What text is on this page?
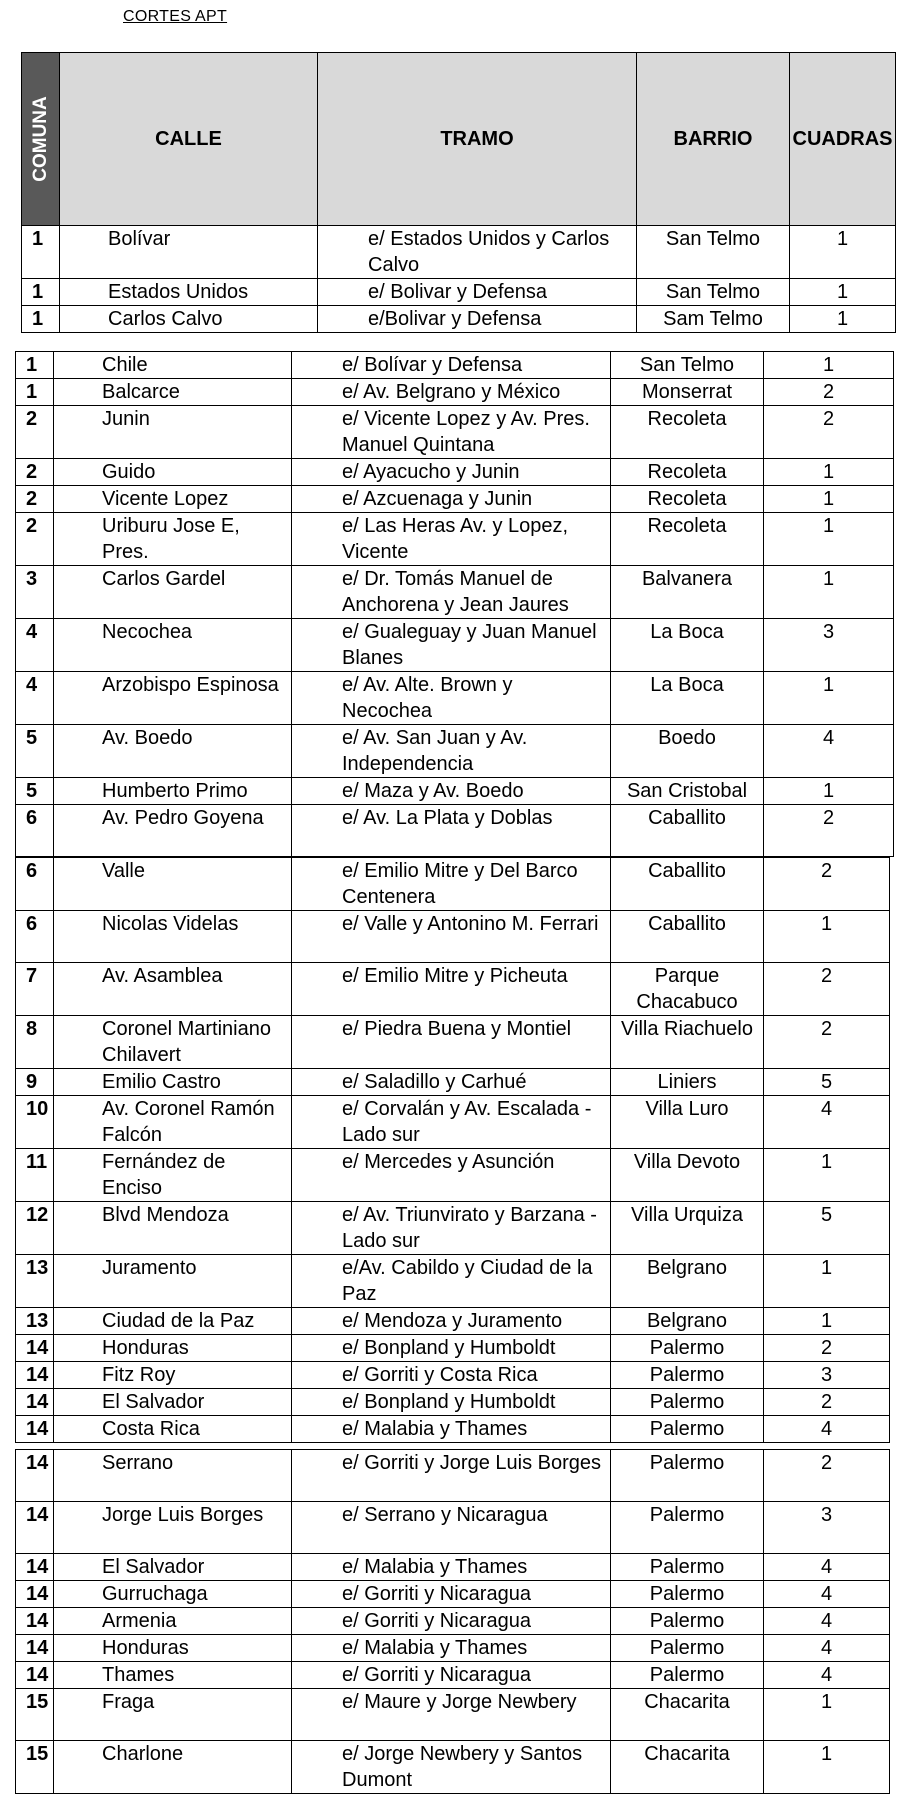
CORTES APT
COMUNA	CALLE	TRAMO	BARRIO	CUADRAS
1	Bolívar	e/ Estados Unidos y Carlos Calvo	San Telmo	1
1	Estados Unidos	e/ Bolivar y Defensa	San Telmo	1
1	Carlos Calvo	e/Bolivar y Defensa	Sam Telmo	1
1	Chile	e/ Bolívar y Defensa	San Telmo	1
1	Balcarce	e/ Av. Belgrano y México	Monserrat	2
2	Junin	e/ Vicente Lopez y Av. Pres. Manuel Quintana	Recoleta	2
2	Guido	e/ Ayacucho y Junin	Recoleta	1
2	Vicente Lopez	e/ Azcuenaga y Junin	Recoleta	1
2	Uriburu Jose E, Pres.	e/ Las Heras Av. y Lopez, Vicente	Recoleta	1
3	Carlos Gardel	e/ Dr. Tomás Manuel de Anchorena y Jean Jaures	Balvanera	1
4	Necochea	e/ Gualeguay y Juan Manuel Blanes	La Boca	3
4	Arzobispo Espinosa	e/ Av. Alte. Brown y Necochea	La Boca	1
5	Av. Boedo	e/ Av. San Juan y Av. Independencia	Boedo	4
5	Humberto Primo	e/ Maza y Av. Boedo	San Cristobal	1
6	Av. Pedro Goyena	e/ Av. La Plata y Doblas	Caballito	2
6	Valle	e/ Emilio Mitre y Del Barco Centenera	Caballito	2
6	Nicolas Videlas	e/ Valle y Antonino M. Ferrari	Caballito	1
7	Av. Asamblea	e/ Emilio Mitre y Picheuta	Parque Chacabuco	2
8	Coronel Martiniano Chilavert	e/ Piedra Buena y Montiel	Villa Riachuelo	2
9	Emilio Castro	e/ Saladillo y Carhué	Liniers	5
10	Av. Coronel Ramón Falcón	e/ Corvalán y Av. Escalada - Lado sur	Villa Luro	4
11	Fernández de Enciso	e/ Mercedes y Asunción	Villa Devoto	1
12	Blvd Mendoza	e/ Av. Triunvirato y Barzana - Lado sur	Villa Urquiza	5
13	Juramento	e/Av. Cabildo y Ciudad de la Paz	Belgrano	1
13	Ciudad de la Paz	e/ Mendoza y Juramento	Belgrano	1
14	Honduras	e/ Bonpland y Humboldt	Palermo	2
14	Fitz Roy	e/ Gorriti y Costa Rica	Palermo	3
14	El Salvador	e/ Bonpland y Humboldt	Palermo	2
14	Costa Rica	e/ Malabia y Thames	Palermo	4
14	Serrano	e/ Gorriti y Jorge Luis Borges	Palermo	2
14	Jorge Luis Borges	e/ Serrano y Nicaragua	Palermo	3
14	El Salvador	e/ Malabia y Thames	Palermo	4
14	Gurruchaga	e/ Gorriti y Nicaragua	Palermo	4
14	Armenia	e/ Gorriti y Nicaragua	Palermo	4
14	Honduras	e/ Malabia y Thames	Palermo	4
14	Thames	e/ Gorriti y Nicaragua	Palermo	4
15	Fraga	e/ Maure y Jorge Newbery	Chacarita	1
15	Charlone	e/ Jorge Newbery y Santos Dumont	Chacarita	1
